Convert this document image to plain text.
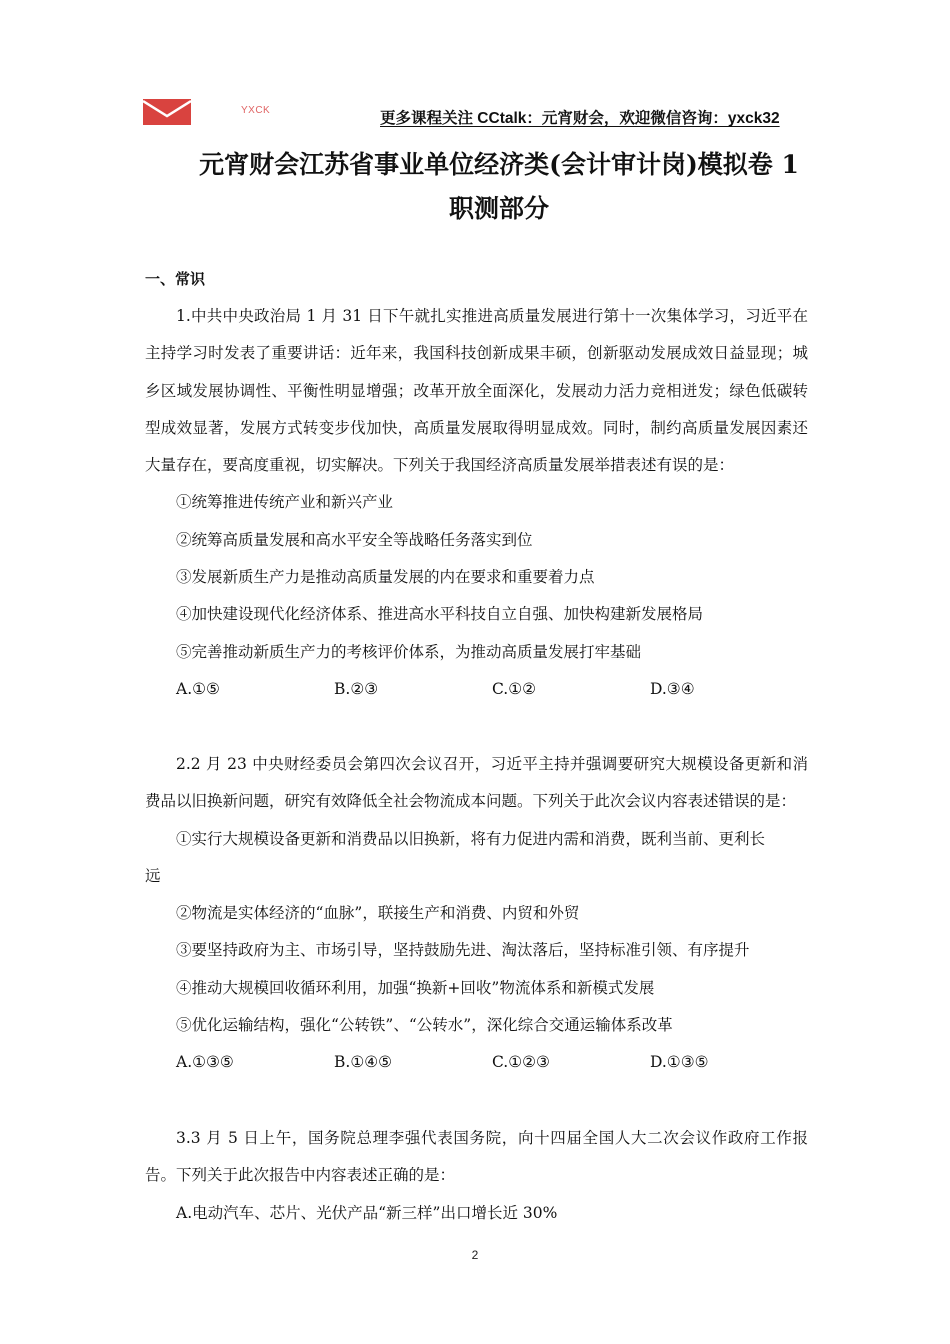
YXCK	更多课程关注 CCtalk：元宵财会，欢迎微信咨询：yxck32
元宵财会江苏省事业单位经济类(会计审计岗)模拟卷 1
职测部分
一、常识

1.中共中央政治局 1 月 31 日下午就扎实推进高质量发展进行第十一次集体学习，习近平在主持学习时发表了重要讲话：近年来，我国科技创新成果丰硕，创新驱动发展成效日益显现；城乡区域发展协调性、平衡性明显增强；改革开放全面深化，发展动力活力竞相迸发；绿色低碳转型成效显著，发展方式转变步伐加快，高质量发展取得明显成效。同时，制约高质量发展因素还大量存在，要高度重视，切实解决。下列关于我国经济高质量发展举措表述有误的是：

①统筹推进传统产业和新兴产业

②统筹高质量发展和高水平安全等战略任务落实到位

③发展新质生产力是推动高质量发展的内在要求和重要着力点

④加快建设现代化经济体系、推进高水平科技自立自强、加快构建新发展格局

⑤完善推动新质生产力的考核评价体系，为推动高质量发展打牢基础

A.①⑤	B.②③	C.①②	D.③④

2.2 月 23 中央财经委员会第四次会议召开，习近平主持并强调要研究大规模设备更新和消费品以旧换新问题，研究有效降低全社会物流成本问题。下列关于此次会议内容表述错误的是：

①实行大规模设备更新和消费品以旧换新，将有力促进内需和消费，既利当前、更利长

远

②物流是实体经济的“血脉”，联接生产和消费、内贸和外贸

③要坚持政府为主、市场引导，坚持鼓励先进、淘汰落后，坚持标准引领、有序提升

④推动大规模回收循环利用，加强“换新+回收”物流体系和新模式发展

⑤优化运输结构，强化“公转铁”、“公转水”，深化综合交通运输体系改革

A.①③⑤	B.①④⑤	C.①②③	D.①③⑤

3.3 月 5 日上午，国务院总理李强代表国务院，向十四届全国人大二次会议作政府工作报告。下列关于此次报告中内容表述正确的是：

A.电动汽车、芯片、光伏产品“新三样”出口增长近 30%

2
